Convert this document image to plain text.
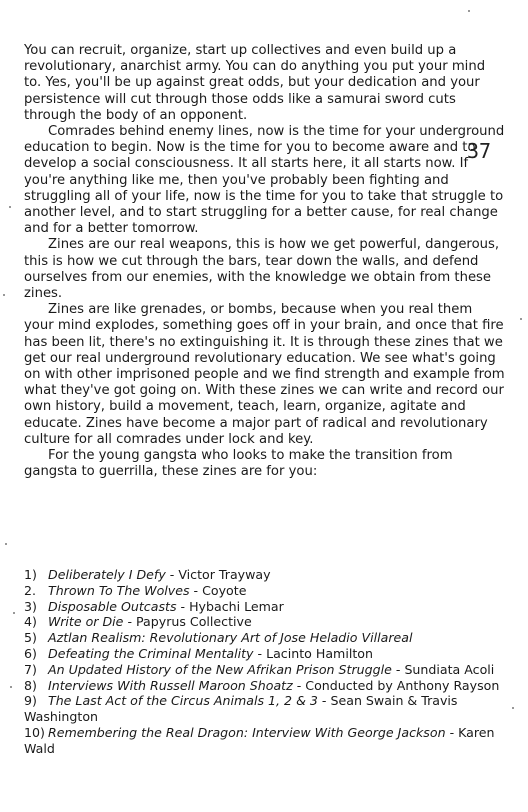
37

You can recruit, organize, start up collectives and even build up a revolutionary, anarchist army. You can do anything you put your mind to. Yes, you'll be up against great odds, but your dedication and your persistence will cut through those odds like a samurai sword cuts through the body of an opponent.

Comrades behind enemy lines, now is the time for your underground education to begin. Now is the time for you to become aware and to develop a social consciousness. It all starts here, it all starts now. If you're anything like me, then you've probably been fighting and struggling all of your life, now is the time for you to take that struggle to another level, and to start struggling for a better cause, for real change and for a better tomorrow.

Zines are our real weapons, this is how we get powerful, dangerous, this is how we cut through the bars, tear down the walls, and defend ourselves from our enemies, with the knowledge we obtain from these zines.

Zines are like grenades, or bombs, because when you real them your mind explodes, something goes off in your brain, and once that fire has been lit, there's no extinguishing it. It is through these zines that we get our real underground revolutionary education. We see what's going on with other imprisoned people and we find strength and example from what they've got going on. With these zines we can write and record our own history, build a movement, teach, learn, organize, agitate and educate. Zines have become a major part of radical and revolutionary culture for all comrades under lock and key.

For the young gangsta who looks to make the transition from gangsta to guerrilla, these zines are for you:

1) Deliberately I Defy - Victor Trayway
2. Thrown To The Wolves - Coyote
3) Disposable Outcasts - Hybachi Lemar
4) Write or Die - Papyrus Collective
5) Aztlan Realism: Revolutionary Art of Jose Heladio Villareal
6) Defeating the Criminal Mentality - Lacinto Hamilton
7) An Updated History of the New Afrikan Prison Struggle - Sundiata Acoli
8) Interviews With Russell Maroon Shoatz - Conducted by Anthony Rayson
9) The Last Act of the Circus Animals 1, 2 & 3 - Sean Swain & Travis Washington
10) Remembering the Real Dragon: Interview With George Jackson - Karen Wald
